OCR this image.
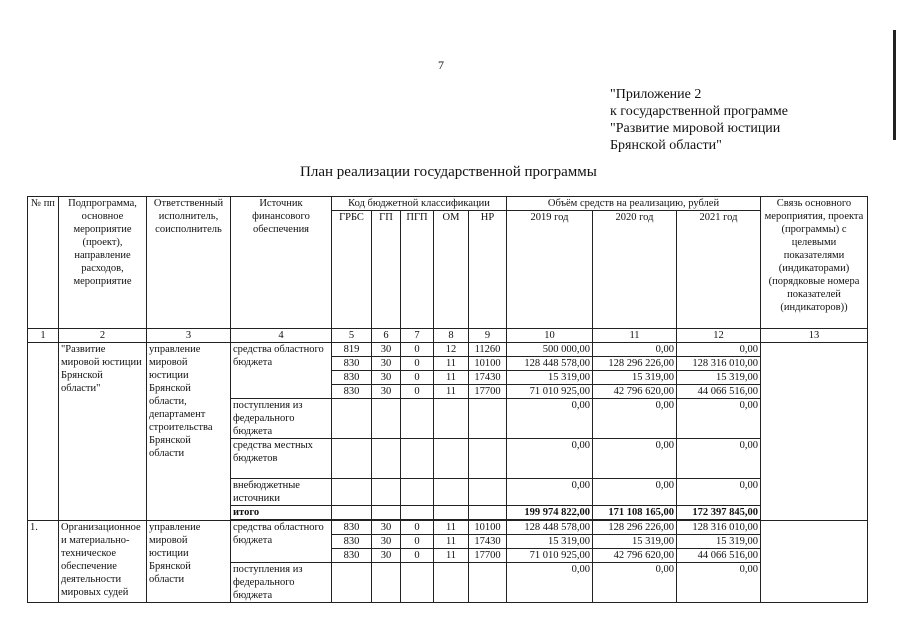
7
"Приложение 2
к государственной программе
"Развитие мировой юстиции
Брянской области"
План реализации государственной программы
№ пп	Подпрограмма, основное мероприятие (проект), направление расходов, мероприятие	Ответственный исполнитель, соисполнитель	Источник финансового обеспечения	Код бюджетной классификации					Объём средств на реализацию, рублей			Связь основного мероприятия, проекта (программы) с целевыми показателями (индикаторами) (порядковые номера показателей (индикаторов))
				ГРБС	ГП	ПГП	ОМ	НР	2019 год	2020 год	2021 год	
1	2	3	4	5	6	7	8	9	10	11	12	13
	"Развитие мировой юстиции Брянской области"	управление мировой юстиции Брянской области, департамент строительства Брянской области	средства областного бюджета	819	30	0	12	11260	500 000,00	0,00	0,00	
				830	30	0	11	10100	128 448 578,00	128 296 226,00	128 316 010,00	
				830	30	0	11	17430	15 319,00	15 319,00	15 319,00	
				830	30	0	11	17700	71 010 925,00	42 796 620,00	44 066 516,00	
			поступления из федерального бюджета						0,00	0,00	0,00	
			средства местных бюджетов						0,00	0,00	0,00	
			внебюджетные источники						0,00	0,00	0,00	
			итого						199 974 822,00	171 108 165,00	172 397 845,00	

1.	Организационное и материально-техническое обеспечение деятельности мировых судей	управление мировой юстиции Брянской области	средства областного бюджета	830	30	0	11	10100	128 448 578,00	128 296 226,00	128 316 010,00	
				830	30	0	11	17430	15 319,00	15 319,00	15 319,00	
				830	30	0	11	17700	71 010 925,00	42 796 620,00	44 066 516,00	
			поступления из федерального бюджета						0,00	0,00	0,00	
